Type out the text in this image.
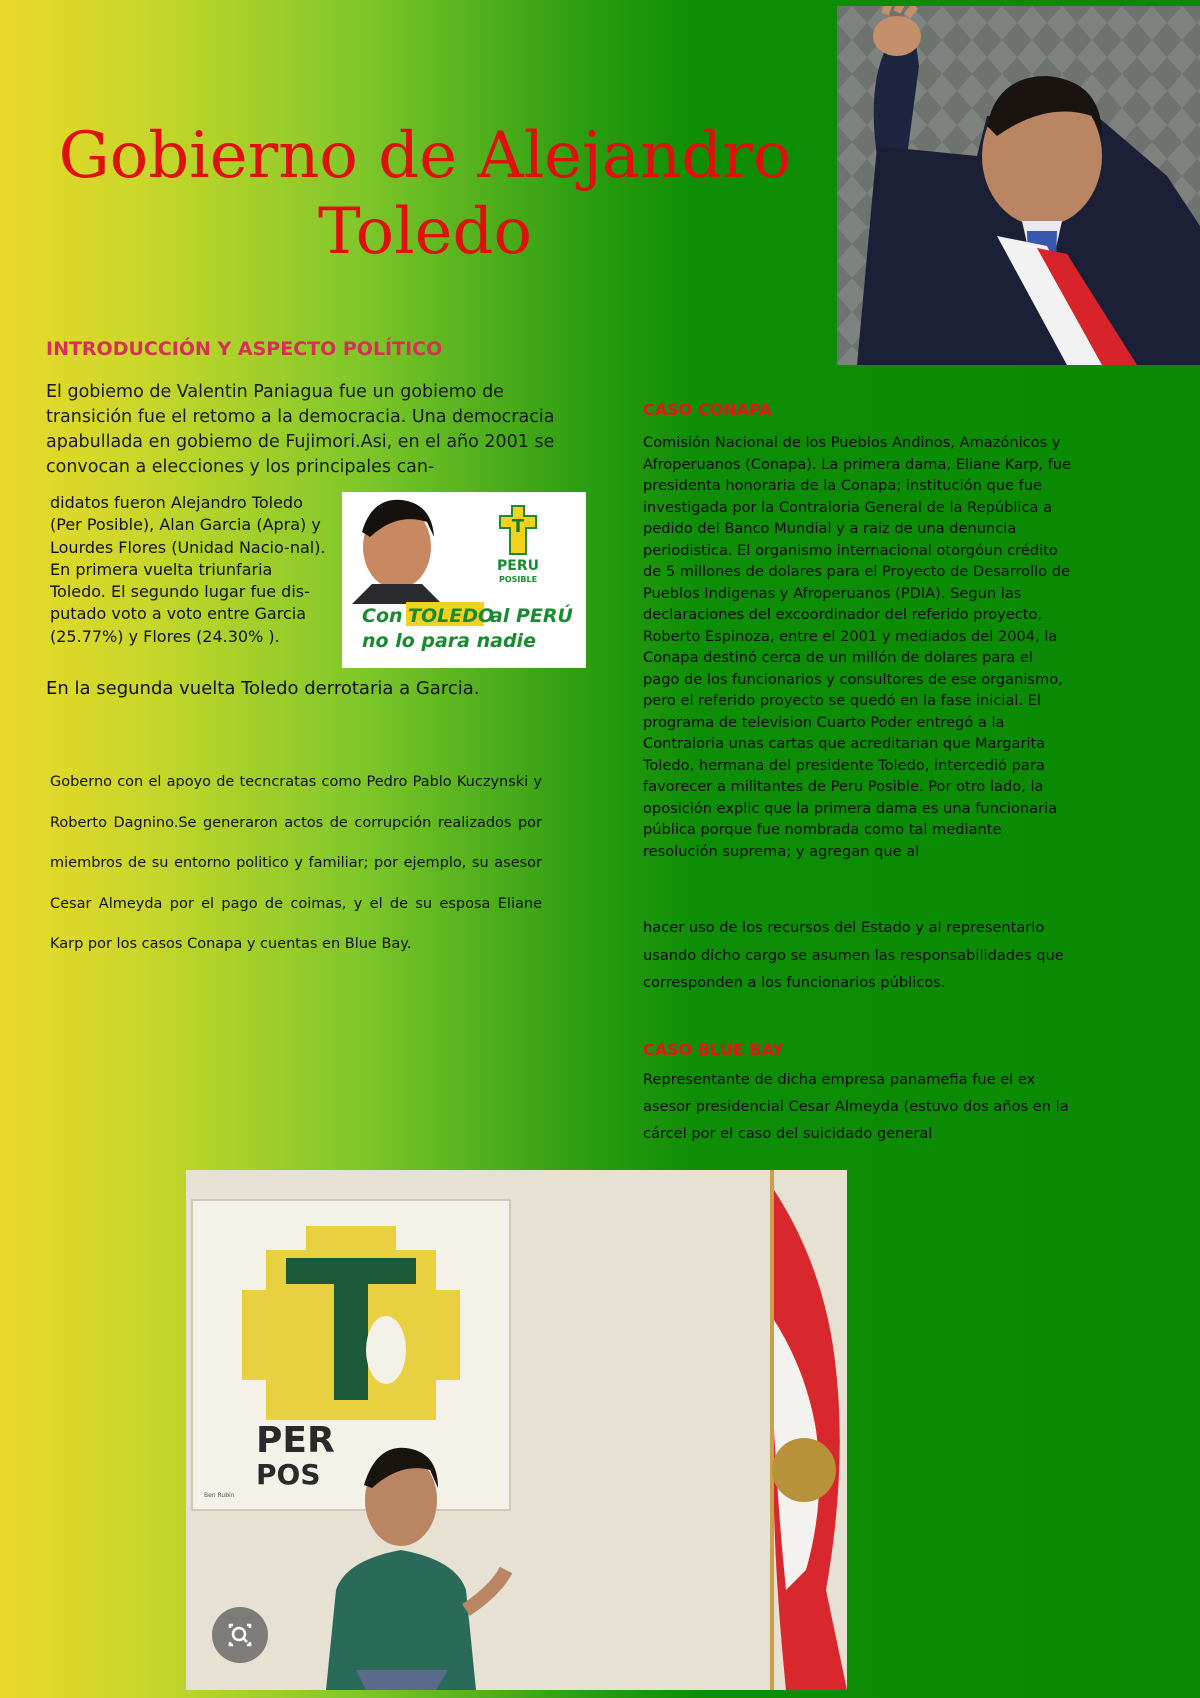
Gobierno de Alejandro Toledo
INTRODUCCIÓN Y ASPECTO POLÍTICO
El gobiemo de Valentin Paniagua fue un gobiemo de transición fue el retomo a la democracia. Una democracia apabullada en gobiemo de Fujimori.Asi, en el año 2001 se convocan a elecciones y los principales can-
didatos fueron Alejandro Toledo (Per Posible), Alan Garcia (Apra) y Lourdes Flores (Unidad Nacio-nal). En primera vuelta triunfaria Toledo. El segundo lugar fue dis-putado voto a voto entre Garcia (25.77%) y Flores (24.30% ).
T
PERU
POSIBLE
Con TOLEDO
al PERÚ
no lo para nadie
En la segunda vuelta Toledo derrotaria a Garcia.
Goberno con el apoyo de tecncratas como Pedro Pablo Kuczynski y Roberto Dagnino.Se generaron actos de corrupción realizados por miembros de su entorno politico y familiar; por ejemplo, su asesor Cesar Almeyda por el pago de coimas, y el de su esposa Eliane Karp por los casos Conapa y cuentas en Blue Bay.
CASO CONAPA
Comisión Nacional de los Pueblos Andinos, Amazónicos y Afroperuanos (Conapa). La primera dama, Eliane Karp, fue presidenta honoraria de la Conapa; institución que fue investigada por la Contraloria General de la República a pedido del Banco Mundial y a raiz de una denuncia periodistica. El organismo internacional otorgóun crédito de 5 millones de dolares para el Proyecto de Desarrollo de Pueblos Indigenas y Afroperuanos (PDIA). Segun las declaraciones del excoordinador del referido proyecto, Roberto Espinoza, entre el 2001 y mediados del 2004, la Conapa destinó cerca de un millón de dolares para el pago de los funcionarios y consultores de ese organismo, pero el referido proyecto se quedó en la fase inicial. El programa de television Cuarto Poder entregó a la Contraloria unas cartas que acreditarian que Margarita Toledo, hermana del presidente Toledo, intercedió para favorecer a militantes de Peru Posible. Por otro lado, la oposición explic que la primera dama es una funcionaria pública porque fue nombrada como tal mediante resolución suprema; y agregan que al
hacer uso de los recursos del Estado y al representarlo usando dicho cargo se asumen las responsabilidades que corresponden a los funcionarios públicos.
CASO BLUE BAY
Representante de dicha empresa panamefia fue el ex asesor presidencial Cesar Almeyda (estuvo dos años en la cárcel por el caso del suicidado general
PER
POS
Ben Rubin
